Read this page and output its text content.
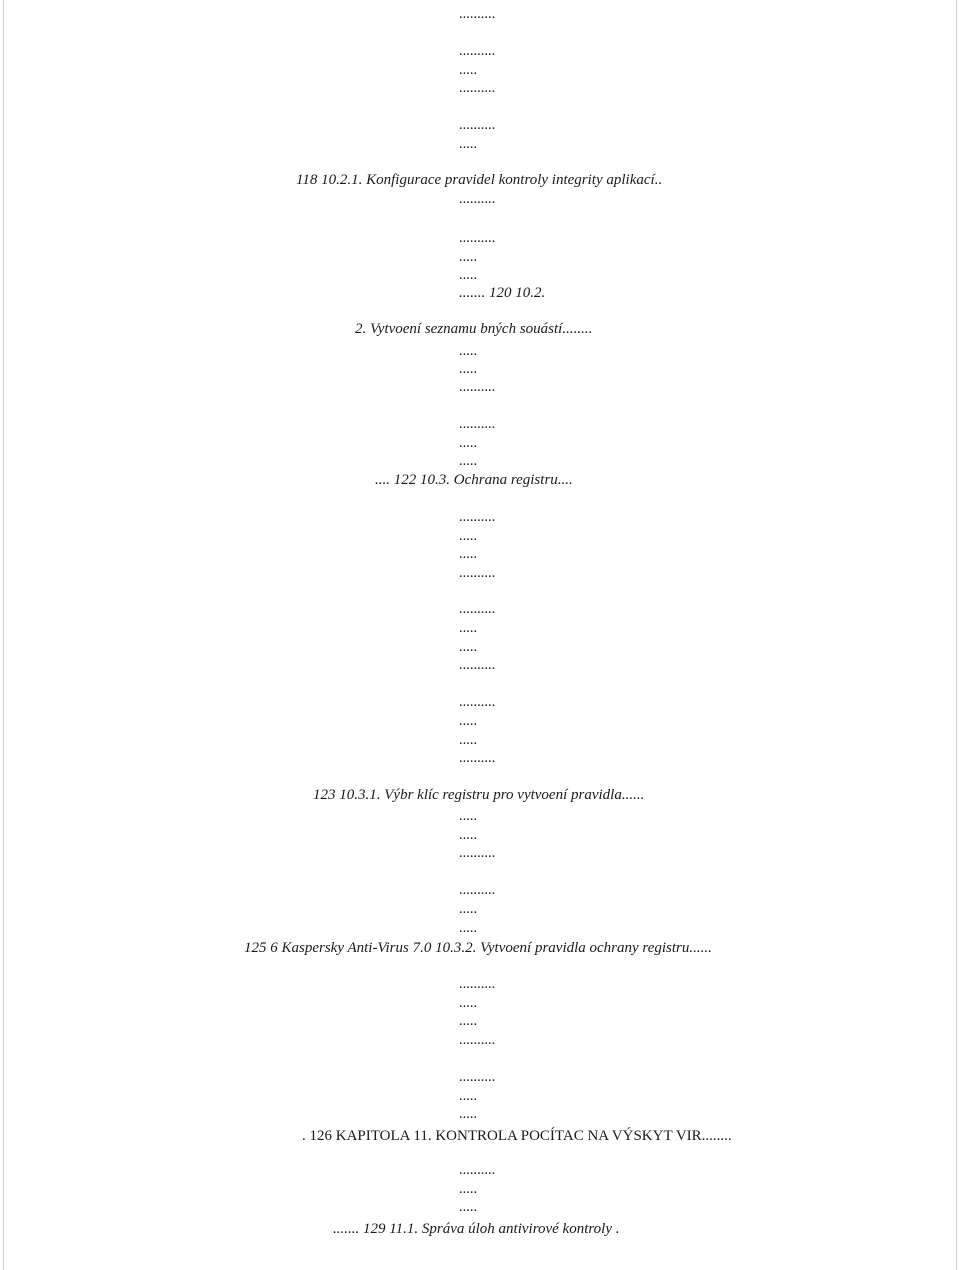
..........
..........
.....
..........
..........
.....
118 10.2.1. Konfigurace pravidel kontroly integrity aplikací..
..........
..........
.....
.....
....... 120 10.2.
2. Vytvoení seznamu bných souástí........
.....
.....
..........
..........
.....
.....
.... 122 10.3. Ochrana registru....
..........
.....
.....
..........
..........
.....
.....
..........
..........
.....
.....
..........
123 10.3.1. Výbr klíc registru pro vytvoení pravidla......
.....
.....
..........
..........
.....
.....
125 6 Kaspersky Anti-Virus 7.0 10.3.2. Vytvoení pravidla ochrany registru......
..........
.....
.....
..........
..........
.....
.....
. 126 KAPITOLA 11. KONTROLA POCÍTAC NA VÝSKYT VIR........
..........
.....
.....
....... 129 11.1. Správa úloh antivirové kontroly .
